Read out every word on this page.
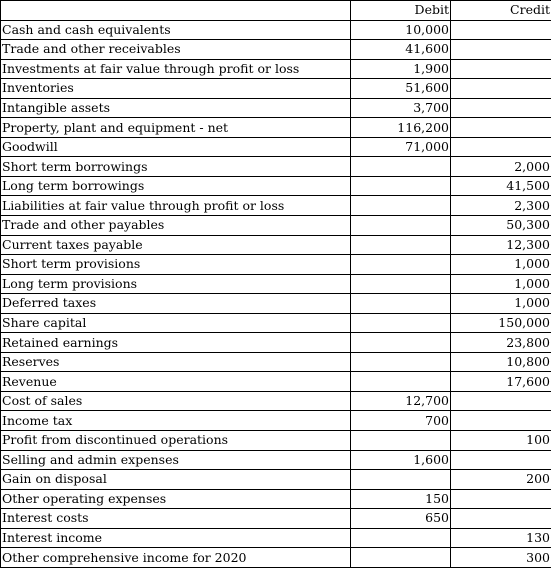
	Debit	Credit
Cash and cash equivalents	10,000	
Trade and other receivables	41,600	
Investments at fair value through profit or loss	1,900	
Inventories	51,600	
Intangible assets	3,700	
Property, plant and equipment - net	116,200	
Goodwill	71,000	
Short term borrowings		2,000
Long term borrowings		41,500
Liabilities at fair value through profit or loss		2,300
Trade and other payables		50,300
Current taxes payable		12,300
Short term provisions		1,000
Long term provisions		1,000
Deferred taxes		1,000
Share capital		150,000
Retained earnings		23,800
Reserves		10,800
Revenue		17,600
Cost of sales	12,700	
Income tax	700	
Profit from discontinued operations		100
Selling and admin expenses	1,600	
Gain on disposal		200
Other operating expenses	150	
Interest costs	650	
Interest income		130
Other comprehensive income for 2020		300
